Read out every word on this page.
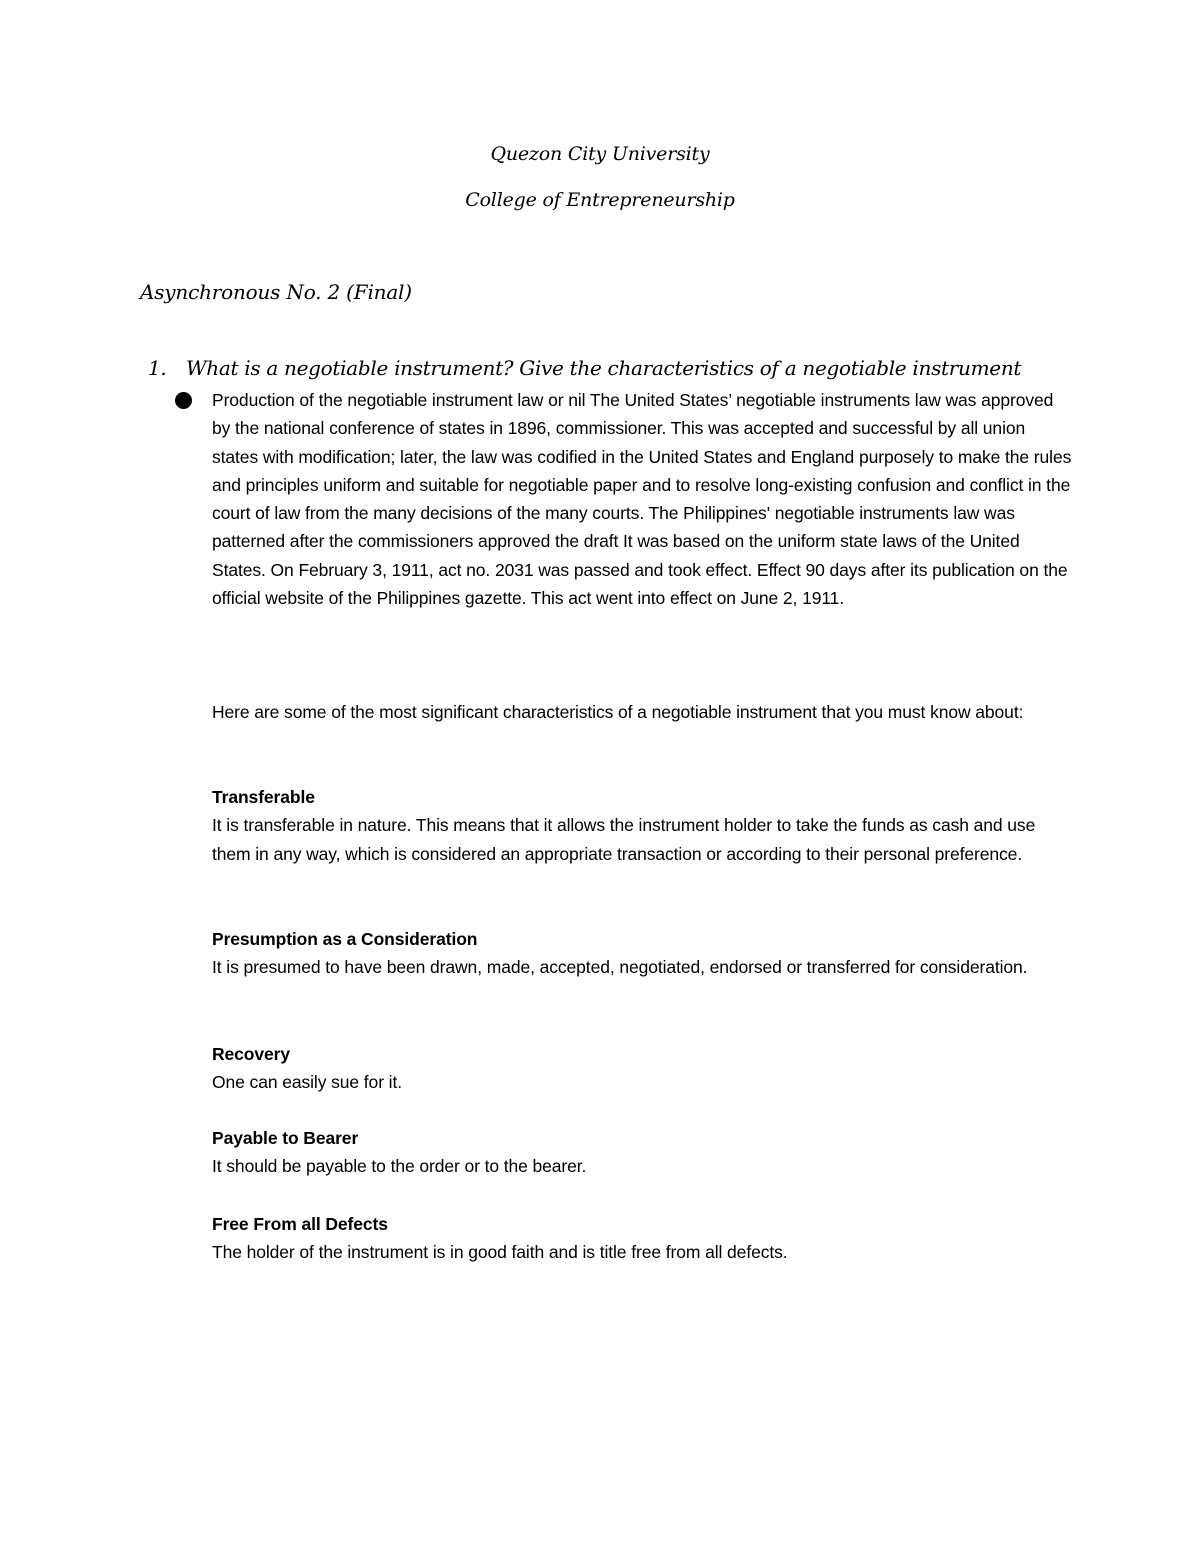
Quezon City University
College of Entrepreneurship
Asynchronous No. 2 (Final)
1. What is a negotiable instrument? Give the characteristics of a negotiable instrument
Production of the negotiable instrument law or nil The United States’ negotiable instruments law was approved by the national conference of states in 1896, commissioner. This was accepted and successful by all union states with modification; later, the law was codified in the United States and England purposely to make the rules and principles uniform and suitable for negotiable paper and to resolve long-existing confusion and conflict in the court of law from the many decisions of the many courts. The Philippines' negotiable instruments law was patterned after the commissioners approved the draft It was based on the uniform state laws of the United States. On February 3, 1911, act no. 2031 was passed and took effect. Effect 90 days after its publication on the official website of the Philippines gazette. This act went into effect on June 2, 1911.
Here are some of the most significant characteristics of a negotiable instrument that you must know about:
Transferable
It is transferable in nature. This means that it allows the instrument holder to take the funds as cash and use them in any way, which is considered an appropriate transaction or according to their personal preference.
Presumption as a Consideration
It is presumed to have been drawn, made, accepted, negotiated, endorsed or transferred for consideration.
Recovery
One can easily sue for it.
Payable to Bearer
It should be payable to the order or to the bearer.
Free From all Defects
The holder of the instrument is in good faith and is title free from all defects.
